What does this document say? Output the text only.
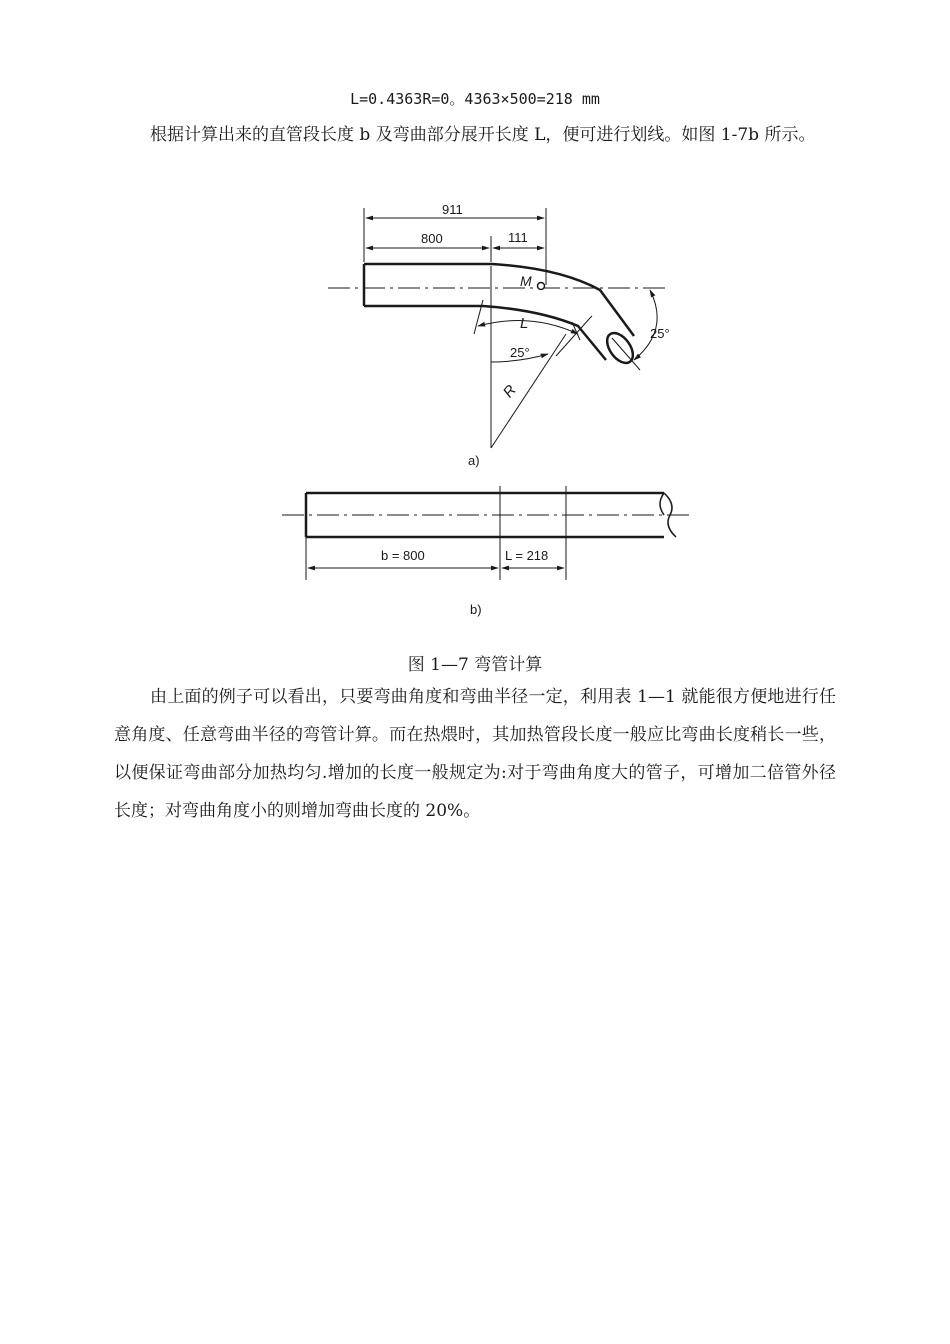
L=0.4363R=0。4363×500=218 mm

根据计算出来的直管段长度 b 及弯曲部分展开长度 L，便可进行划线。如图 1-7b 所示。

911
800	111
M
L
25°
25°
R
a)
b = 800	L = 218
b)
图 1—7 弯管计算

由上面的例子可以看出，只要弯曲角度和弯曲半径一定，利用表 1—1 就能很方便地进行任意角度、任意弯曲半径的弯管计算。而在热煨时，其加热管段长度一般应比弯曲长度稍长一些，以便保证弯曲部分加热均匀.增加的长度一般规定为:对于弯曲角度大的管子，可增加二倍管外径长度；对弯曲角度小的则增加弯曲长度的 20%。
